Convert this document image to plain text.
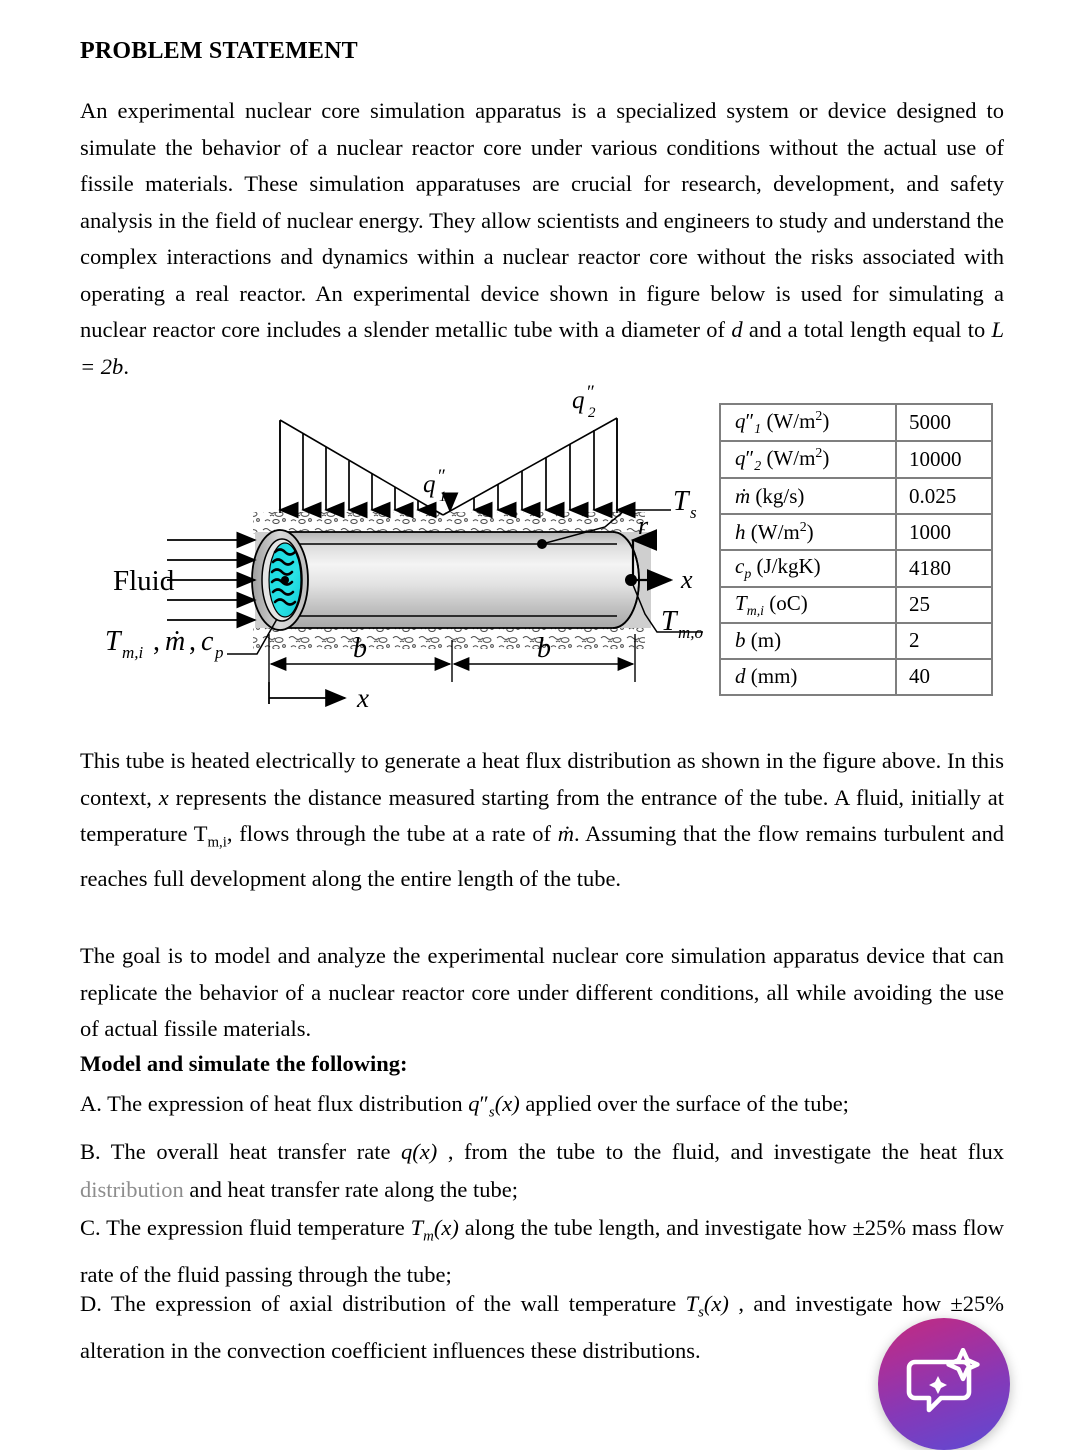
PROBLEM STATEMENT
An experimental nuclear core simulation apparatus is a specialized system or device designed to simulate the behavior of a nuclear reactor core under various conditions without the actual use of fissile materials. These simulation apparatuses are crucial for research, development, and safety analysis in the field of nuclear energy. They allow scientists and engineers to study and understand the complex interactions and dynamics within a nuclear reactor core without the risks associated with operating a real reactor. An experimental device shown in figure below is used for simulating a nuclear reactor core includes a slender metallic tube with a diameter of d and a total length equal to L = 2b.
q ″
1
q ″
2
Fluid
T m,i , ṁ , c p
T s
T m,o
r
x
b	b
x
$q''_1$ $(W/m^2)$	5000
$q''_2$ $(W/m^2)$	10000
ṁ (kg/s)	0.025
h $(W/m^2)$	1000
$c_p$ (J/kgK)	4180
$T_{m,i}$ (oC)	25
b (m)	2
d (mm)	40
This tube is heated electrically to generate a heat flux distribution as shown in the figure above. In this context, x represents the distance measured starting from the entrance of the tube. A fluid, initially at temperature $T_{m,i}$, flows through the tube at a rate of ṁ. Assuming that the flow remains turbulent and reaches full development along the entire length of the tube.
The goal is to model and analyze the experimental nuclear core simulation apparatus device that can replicate the behavior of a nuclear reactor core under different conditions, all while avoiding the use of actual fissile materials.
Model and simulate the following:
A. The expression of heat flux distribution $q''_s(x)$ applied over the surface of the tube;
B. The overall heat transfer rate q(x) , from the tube to the fluid, and investigate the heat flux distribution and heat transfer rate along the tube;
C. The expression fluid temperature $T_m(x)$ along the tube length, and investigate how ±25% mass flow rate of the fluid passing through the tube;
D. The expression of axial distribution of the wall temperature $T_s(x)$ , and investigate how ±25% alteration in the convection coefficient influences these distributions.
